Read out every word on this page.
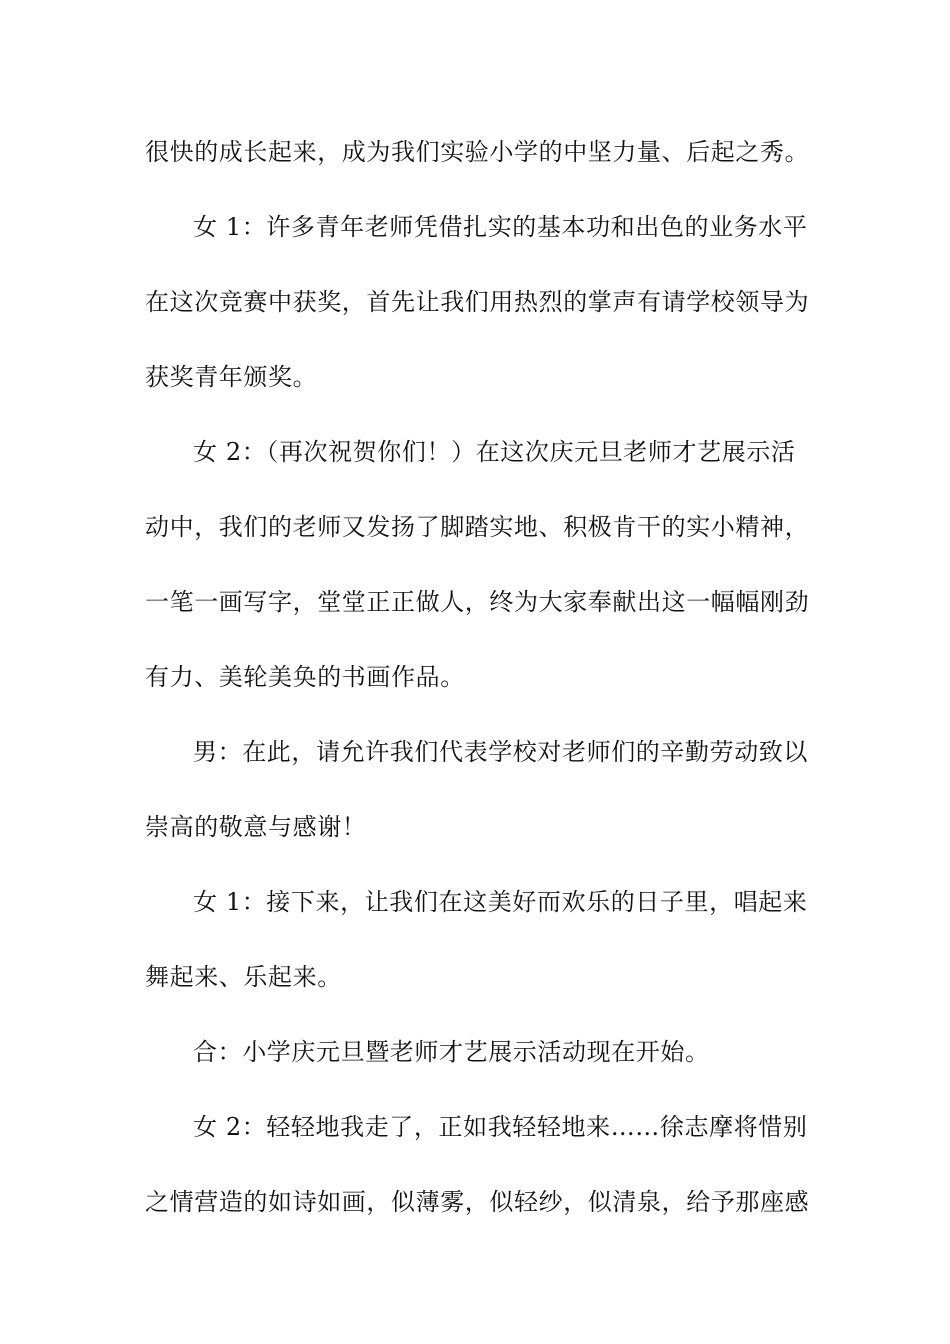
很快的成长起来，成为我们实验小学的中坚力量、后起之秀。

女 1：许多青年老师凭借扎实的基本功和出色的业务水平

在这次竞赛中获奖，首先让我们用热烈的掌声有请学校领导为

获奖青年颁奖。

女 2：（再次祝贺你们！）在这次庆元旦老师才艺展示活

动中，我们的老师又发扬了脚踏实地、积极肯干的实小精神，

一笔一画写字，堂堂正正做人，终为大家奉献出这一幅幅刚劲

有力、美轮美奂的书画作品。

男：在此，请允许我们代表学校对老师们的辛勤劳动致以

崇高的敬意与感谢！

女 1：接下来，让我们在这美好而欢乐的日子里，唱起来

舞起来、乐起来。

合：小学庆元旦暨老师才艺展示活动现在开始。

女 2：轻轻地我走了，正如我轻轻地来……徐志摩将惜别

之情营造的如诗如画，似薄雾，似轻纱，似清泉，给予那座感
